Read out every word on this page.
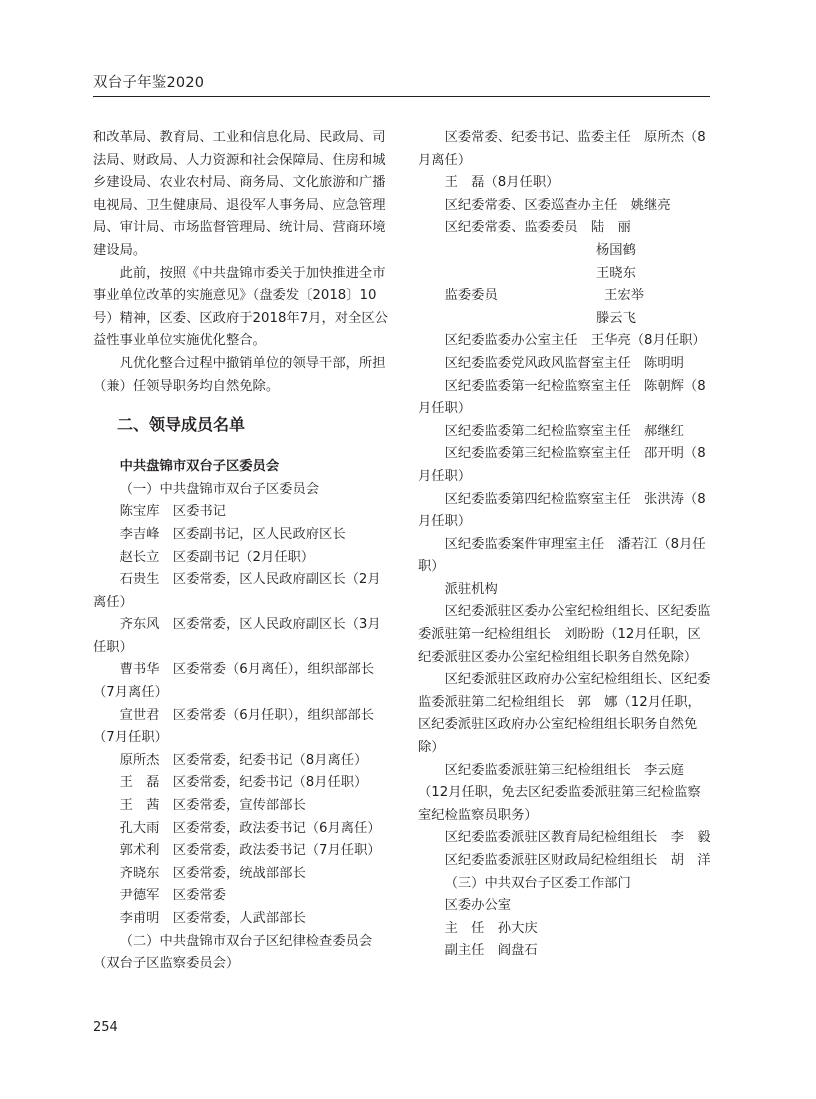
双台子年鉴2020

和改革局、教育局、工业和信息化局、民政局、司法局、财政局、人力资源和社会保障局、住房和城乡建设局、农业农村局、商务局、文化旅游和广播电视局、卫生健康局、退役军人事务局、应急管理局、审计局、市场监督管理局、统计局、营商环境建设局。

此前，按照《中共盘锦市委关于加快推进全市事业单位改革的实施意见》（盘委发〔2018〕10号）精神，区委、区政府于2018年7月，对全区公益性事业单位实施优化整合。

凡优化整合过程中撤销单位的领导干部，所担（兼）任领导职务均自然免除。

二、领导成员名单

中共盘锦市双台子区委员会

（一）中共盘锦市双台子区委员会

陈宝库　区委书记

李吉峰　区委副书记，区人民政府区长

赵长立　区委副书记（2月任职）

石贵生　区委常委，区人民政府副区长（2月离任）

齐东风　区委常委，区人民政府副区长（3月任职）

曹书华　区委常委（6月离任），组织部部长（7月离任）

宣世君　区委常委（6月任职），组织部部长（7月任职）

原所杰　区委常委，纪委书记（8月离任）

王　磊　区委常委，纪委书记（8月任职）

王　茜　区委常委，宣传部部长

孔大雨　区委常委，政法委书记（6月离任）

郭术利　区委常委，政法委书记（7月任职）

齐晓东　区委常委，统战部部长

尹德军　区委常委

李甫明　区委常委，人武部部长

（二）中共盘锦市双台子区纪律检查委员会（双台子区监察委员会）

区委常委、纪委书记、监委主任　原所杰（8月离任）

王　磊（8月任职）

区纪委常委、区委巡查办主任　姚继亮

区纪委常委、监委委员　陆　丽

杨国鹤

王晓东

监委委员　　　　　　　　王宏举

滕云飞

区纪委监委办公室主任　王华亮（8月任职）

区纪委监委党风政风监督室主任　陈明明

区纪委监委第一纪检监察室主任　陈朝辉（8月任职）

区纪委监委第二纪检监察室主任　郝继红

区纪委监委第三纪检监察室主任　邵开明（8月任职）

区纪委监委第四纪检监察室主任　张洪涛（8月任职）

区纪委监委案件审理室主任　潘若江（8月任职）

派驻机构

区纪委派驻区委办公室纪检组组长、区纪委监委派驻第一纪检组组长　刘盼盼（12月任职，区纪委派驻区委办公室纪检组组长职务自然免除）

区纪委派驻区政府办公室纪检组组长、区纪委监委派驻第二纪检组组长　郭　娜（12月任职，区纪委派驻区政府办公室纪检组组长职务自然免除）

区纪委监委派驻第三纪检组组长　李云庭（12月任职，免去区纪委监委派驻第三纪检监察室纪检监察员职务）

区纪委监委派驻区教育局纪检组组长　李　毅

区纪委监委派驻区财政局纪检组组长　胡　洋

（三）中共双台子区委工作部门

区委办公室

主　任　孙大庆

副主任　阎盘石

254
